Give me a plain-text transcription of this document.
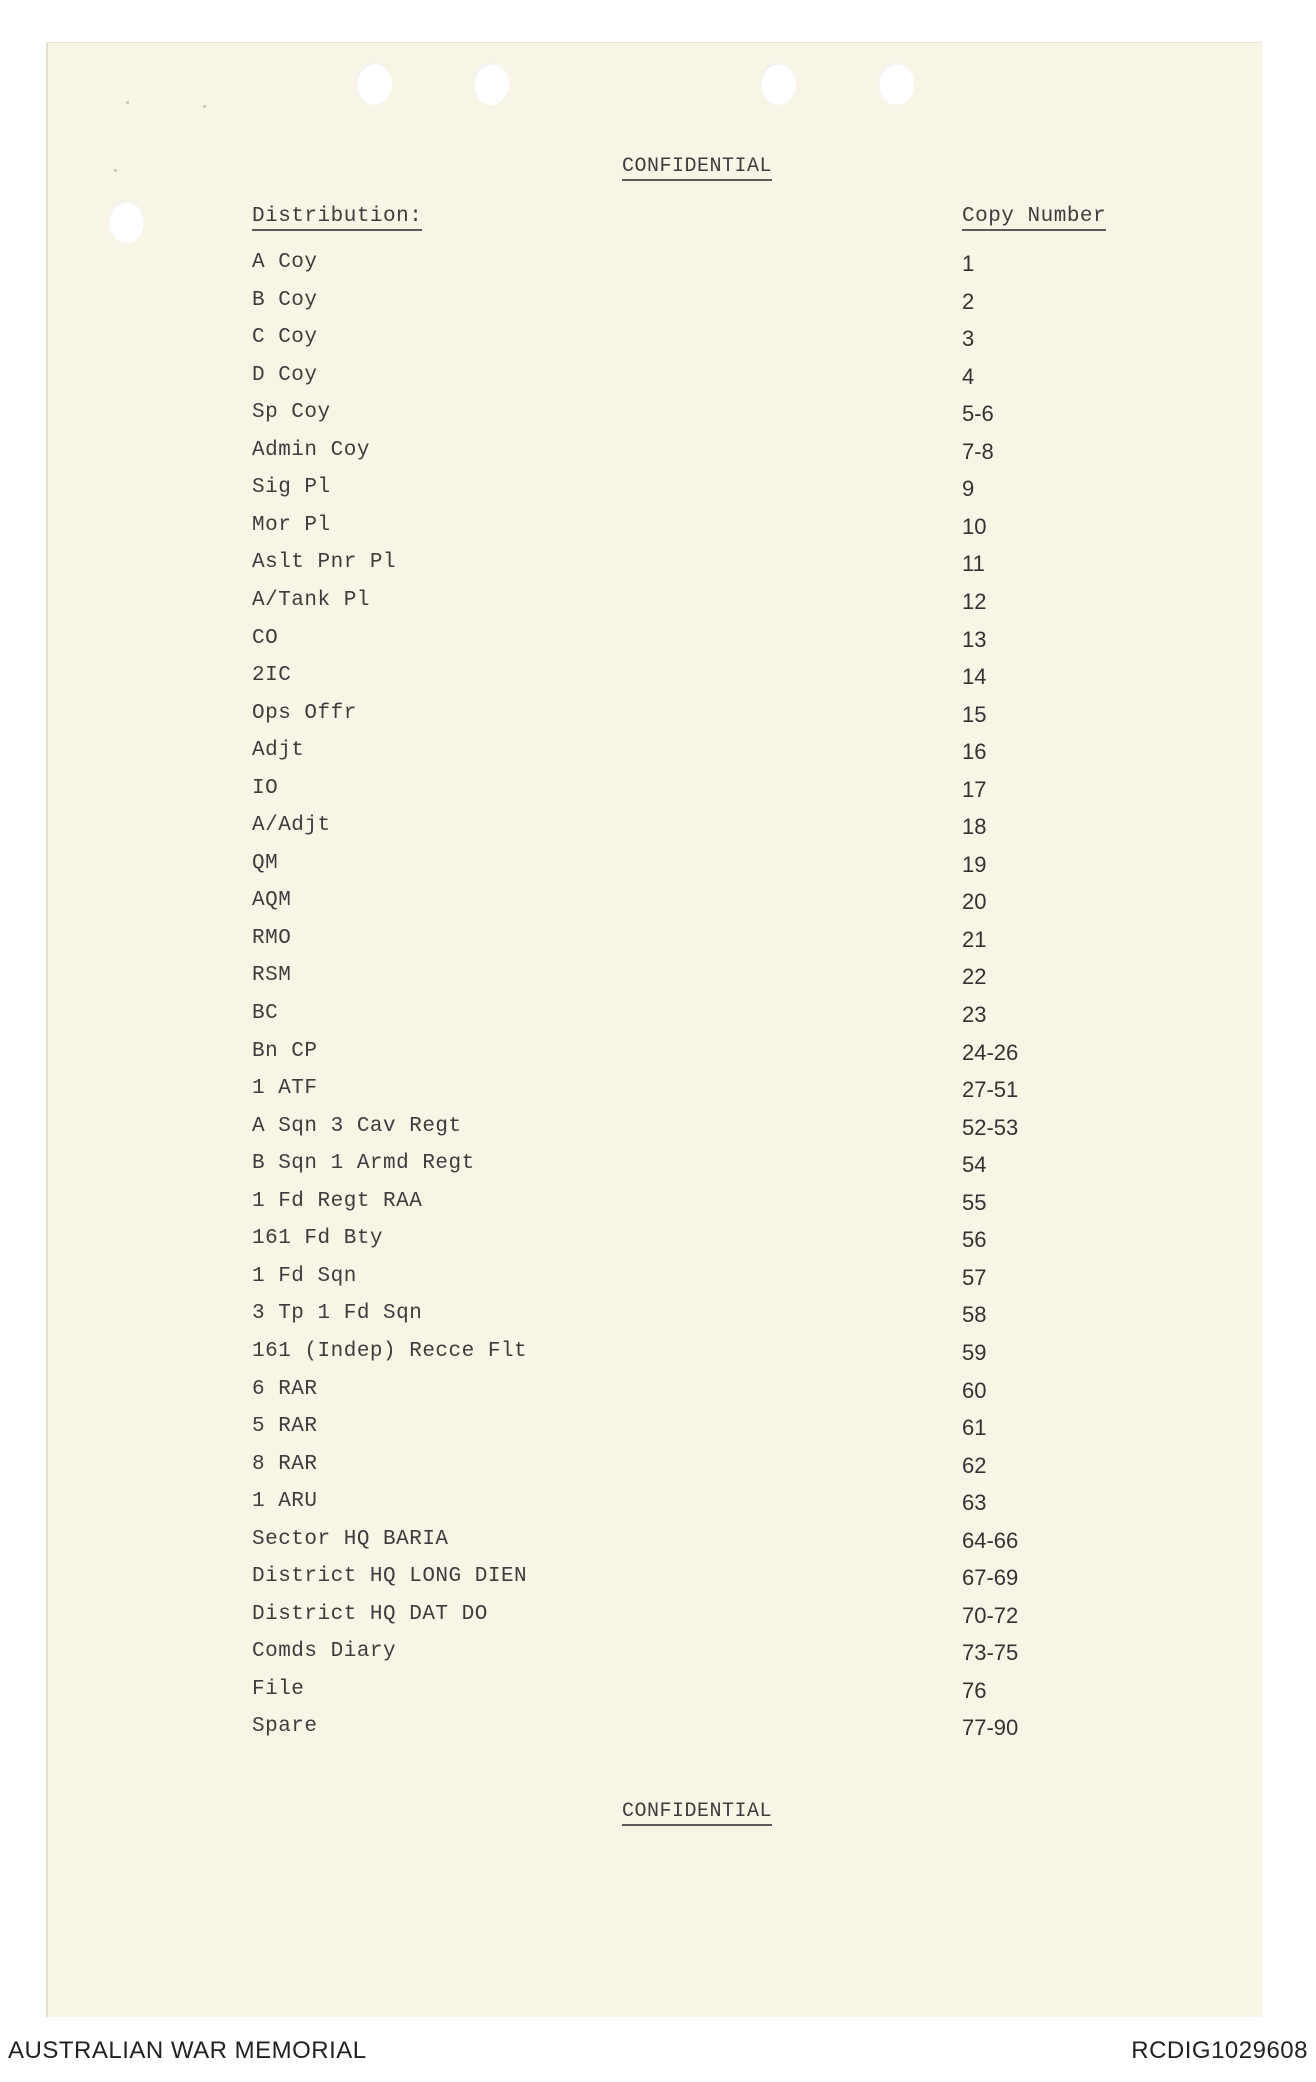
CONFIDENTIAL
Distribution:	Copy Number
A Coy	1
B Coy	2
C Coy	3
D Coy	4
Sp Coy	5-6
Admin Coy	7-8
Sig Pl	9
Mor Pl	10
Aslt Pnr Pl	11
A/Tank Pl	12
CO	13
2IC	14
Ops Offr	15
Adjt	16
IO	17
A/Adjt	18
QM	19
AQM	20
RMO	21
RSM	22
BC	23
Bn CP	24-26
1 ATF	27-51
A Sqn 3 Cav Regt	52-53
B Sqn 1 Armd Regt	54
1 Fd Regt RAA	55
161 Fd Bty	56
1 Fd Sqn	57
3 Tp 1 Fd Sqn	58
161 (Indep) Recce Flt	59
6 RAR	60
5 RAR	61
8 RAR	62
1 ARU	63
Sector HQ BARIA	64-66
District HQ LONG DIEN	67-69
District HQ DAT DO	70-72
Comds Diary	73-75
File	76
Spare	77-90
CONFIDENTIAL
AUSTRALIAN WAR MEMORIAL	RCDIG1029608
